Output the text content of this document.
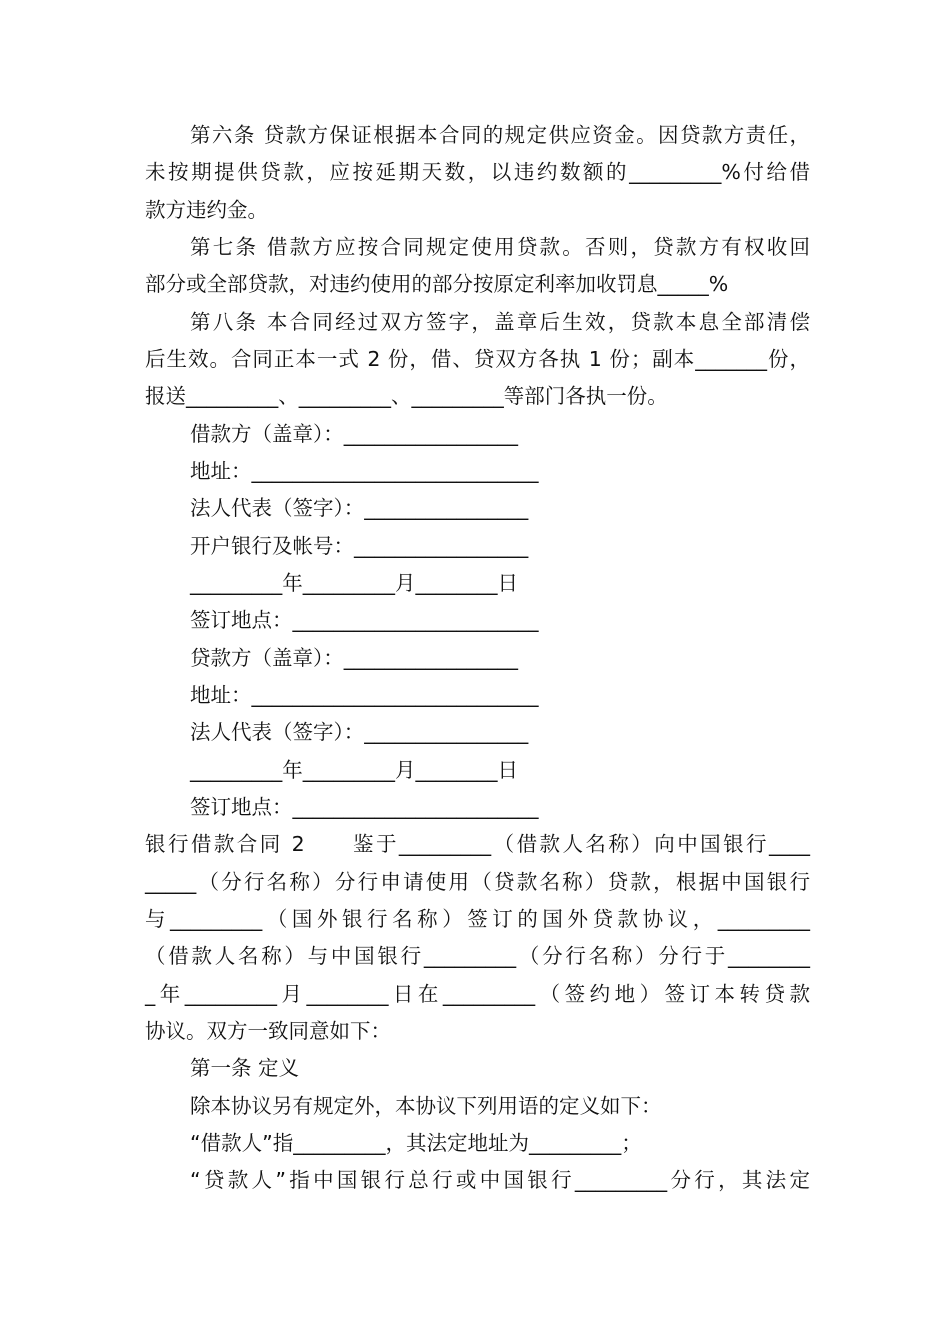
第六条 贷款方保证根据本合同的规定供应资金。因贷款方责任，
未按期提供贷款，应按延期天数，以违约数额的_________%付给借
款方违约金。
第七条 借款方应按合同规定使用贷款。否则，贷款方有权收回
部分或全部贷款，对违约使用的部分按原定利率加收罚息_____%
第八条 本合同经过双方签字，盖章后生效，贷款本息全部清偿
后生效。合同正本一式 2 份，借、贷双方各执 1 份；副本_______份，
报送_________、_________、_________等部门各执一份。
借款方（盖章）：_________________
地址：____________________________
法人代表（签字）：________________
开户银行及帐号：_________________
_________年_________月________日
签订地点：________________________
贷款方（盖章）：_________________
地址：____________________________
法人代表（签字）：________________
_________年_________月________日
签订地点：________________________
银行借款合同 2　　鉴于_________（借款人名称）向中国银行____
_____（分行名称）分行申请使用（贷款名称）贷款，根据中国银行
与_________（国外银行名称）签订的国外贷款协议，_________
（借款人名称）与中国银行_________（分行名称）分行于________
_年_________月________日在_________（签约地）签订本转贷款
协议。双方一致同意如下：
第一条 定义
除本协议另有规定外，本协议下列用语的定义如下：
“借款人”指_________，其法定地址为_________；
“贷款人”指中国银行总行或中国银行_________分行，其法定
